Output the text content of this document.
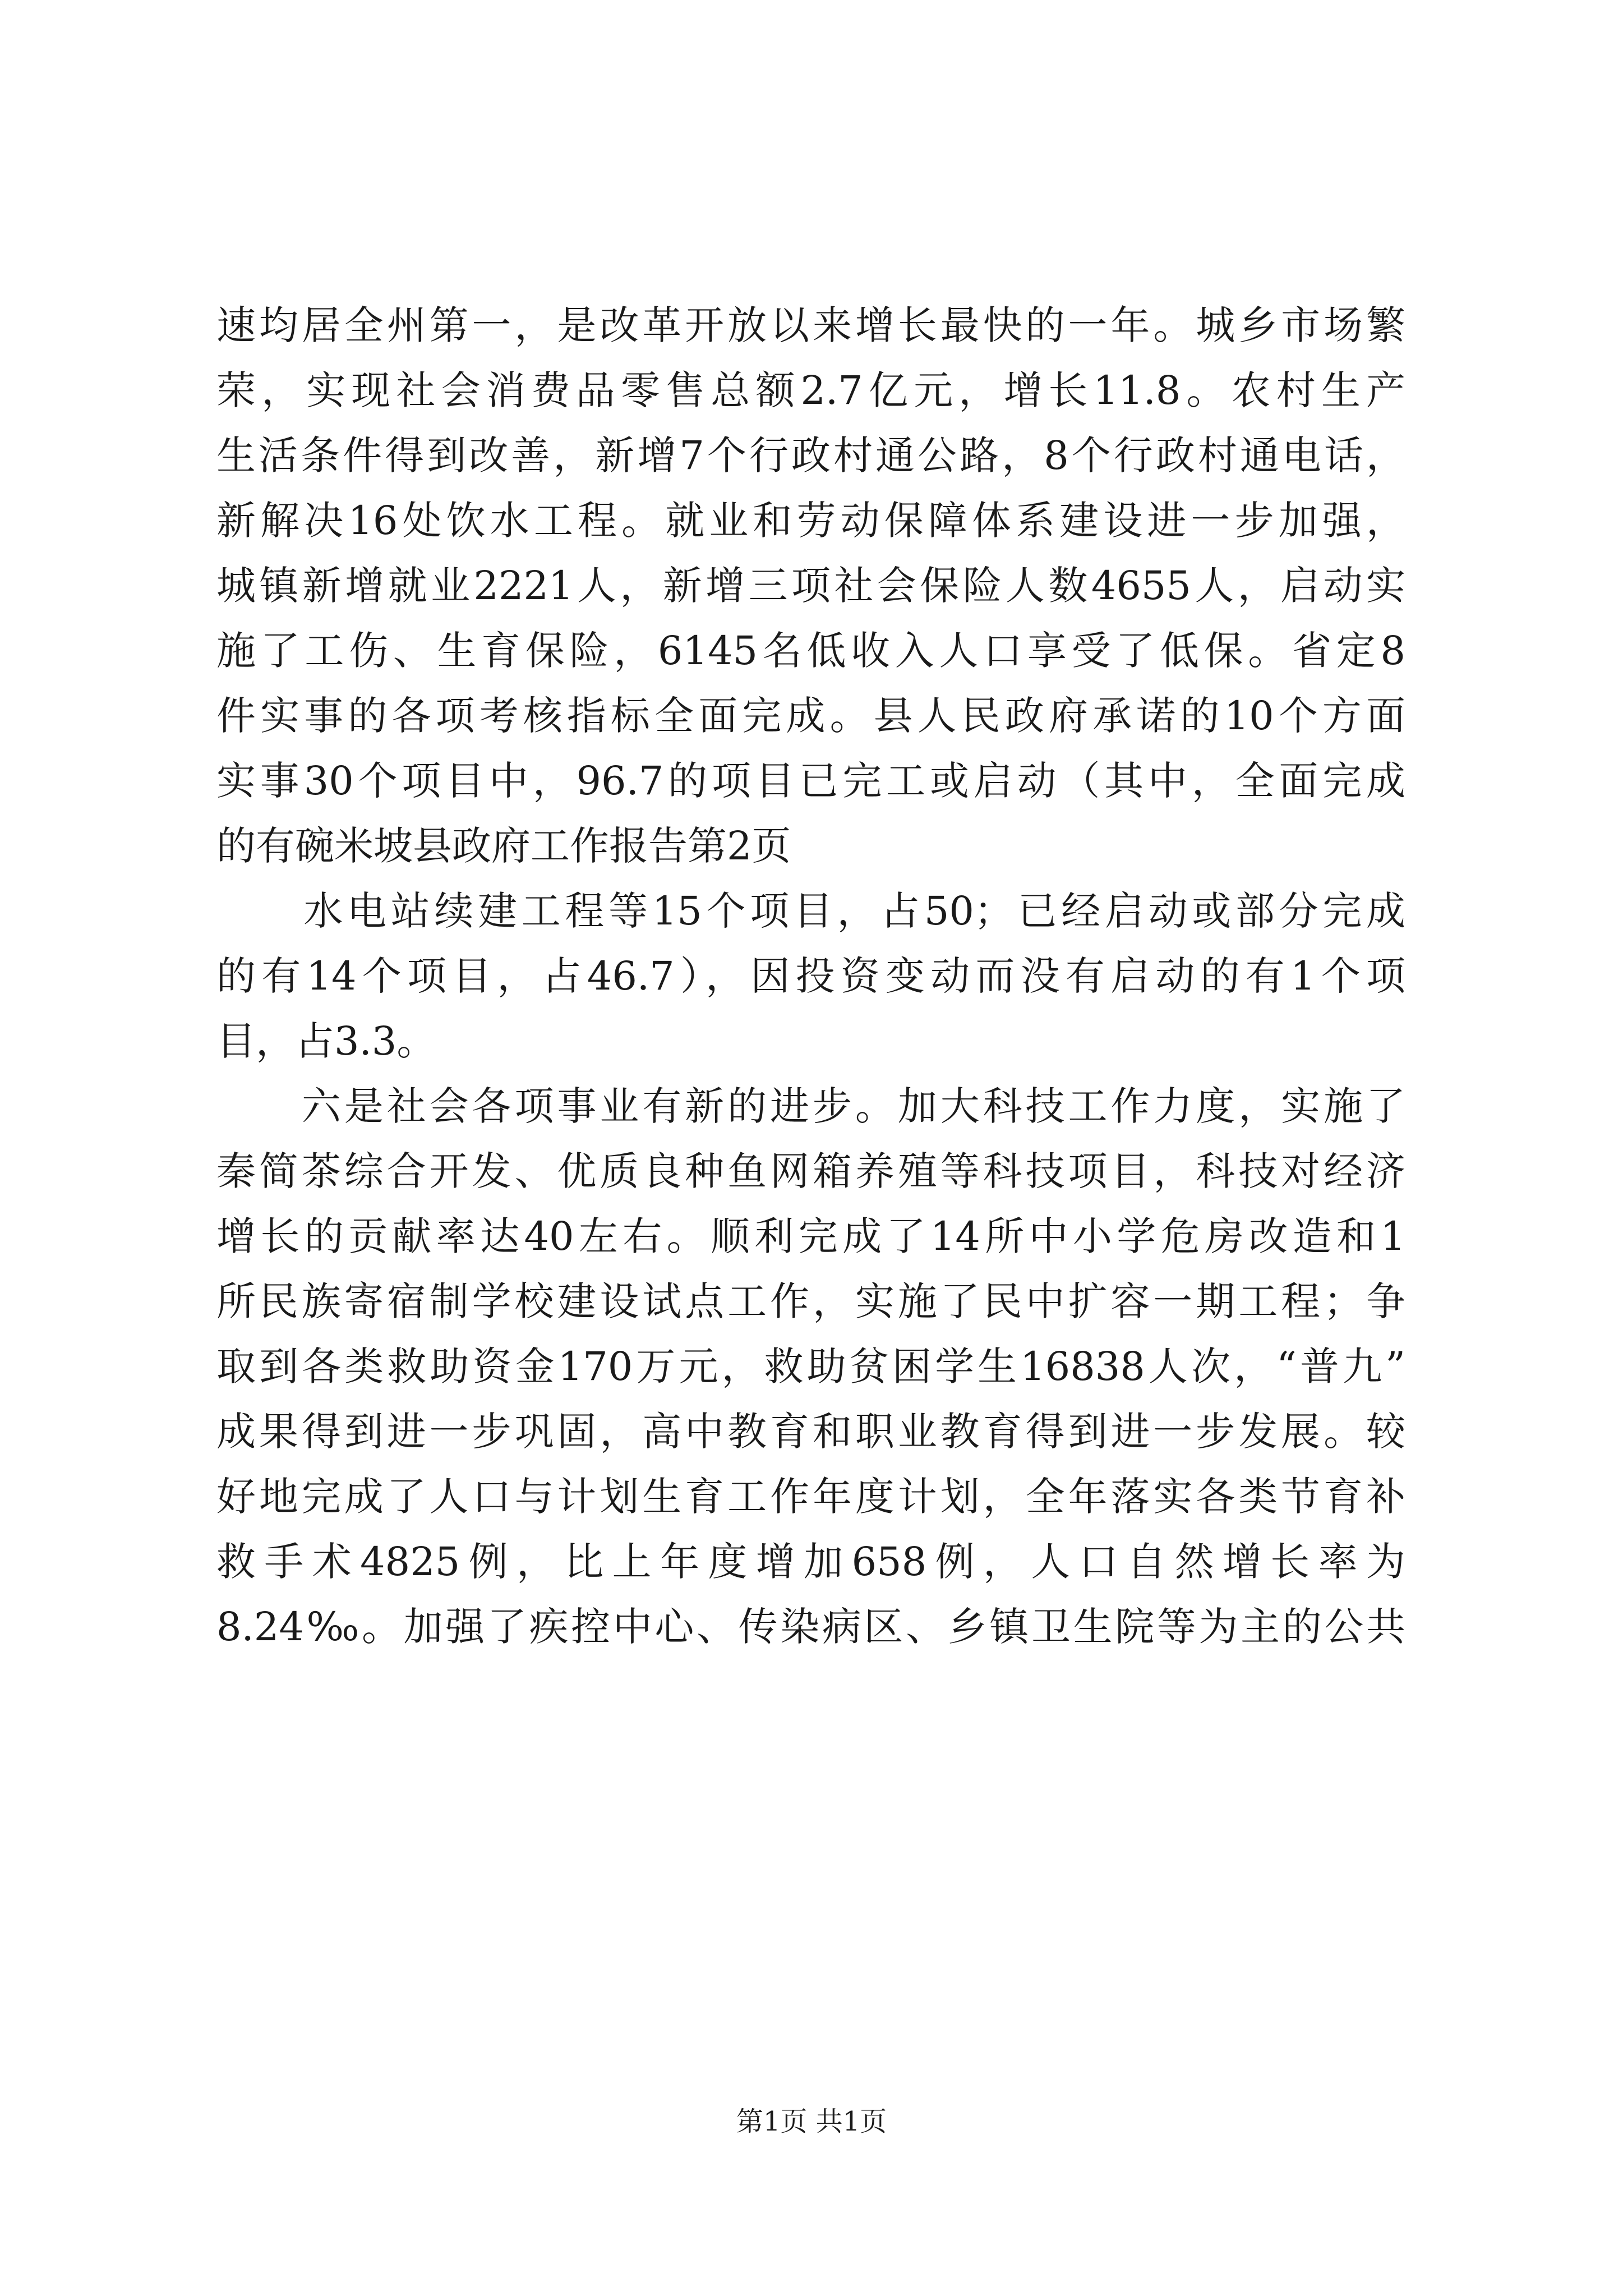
速均居全州第一，是改革开放以来增长最快的一年。城乡市场繁
荣，实现社会消费品零售总额2.7亿元，增长11.8。农村生产
生活条件得到改善，新增7个行政村通公路，8个行政村通电话，
新解决16处饮水工程。就业和劳动保障体系建设进一步加强，
城镇新增就业2221人，新增三项社会保险人数4655人，启动实
施了工伤、生育保险，6145名低收入人口享受了低保。省定8
件实事的各项考核指标全面完成。县人民政府承诺的10个方面
实事30个项目中，96.7的项目已完工或启动（其中，全面完成
的有碗米坡县政府工作报告第2页
　　水电站续建工程等15个项目，占50；已经启动或部分完成
的有14个项目，占46.7），因投资变动而没有启动的有1个项
目，占3.3。
　　六是社会各项事业有新的进步。加大科技工作力度，实施了
秦简茶综合开发、优质良种鱼网箱养殖等科技项目，科技对经济
增长的贡献率达40左右。顺利完成了14所中小学危房改造和1
所民族寄宿制学校建设试点工作，实施了民中扩容一期工程；争
取到各类救助资金170万元，救助贫困学生16838人次，“普九”
成果得到进一步巩固，高中教育和职业教育得到进一步发展。较
好地完成了人口与计划生育工作年度计划，全年落实各类节育补
救手术4825例，比上年度增加658例，人口自然增长率为
8.24‰。加强了疾控中心、传染病区、乡镇卫生院等为主的公共
第1页 共1页
